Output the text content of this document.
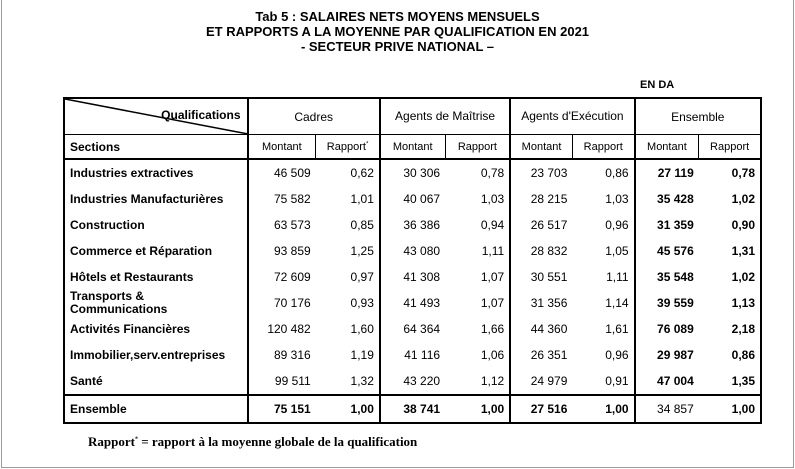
Tab 5 : SALAIRES NETS MOYENS MENSUELS
ET RAPPORTS A LA MOYENNE PAR QUALIFICATION EN 2021
- SECTEUR PRIVE NATIONAL –
EN DA
Qualifications	Cadres		Agents de Maîtrise		Agents d'Exécution		Ensemble	
Sections	Montant	Rapport*	Montant	Rapport	Montant	Rapport	Montant	Rapport
Industries extractives	46 509	0,62	30 306	0,78	23 703	0,86	27 119	0,78
Industries Manufacturières	75 582	1,01	40 067	1,03	28 215	1,03	35 428	1,02
Construction	63 573	0,85	36 386	0,94	26 517	0,96	31 359	0,90
Commerce et Réparation	93 859	1,25	43 080	1,11	28 832	1,05	45 576	1,31
Hôtels et Restaurants	72 609	0,97	41 308	1,07	30 551	1,11	35 548	1,02
Transports & Communications	70 176	0,93	41 493	1,07	31 356	1,14	39 559	1,13
Activités Financières	120 482	1,60	64 364	1,66	44 360	1,61	76 089	2,18
Immobilier,serv.entreprises	89 316	1,19	41 116	1,06	26 351	0,96	29 987	0,86
Santé	99 511	1,32	43 220	1,12	24 979	0,91	47 004	1,35
Ensemble	75 151	1,00	38 741	1,00	27 516	1,00	34 857	1,00
Rapport* = rapport à la moyenne globale de la qualification
